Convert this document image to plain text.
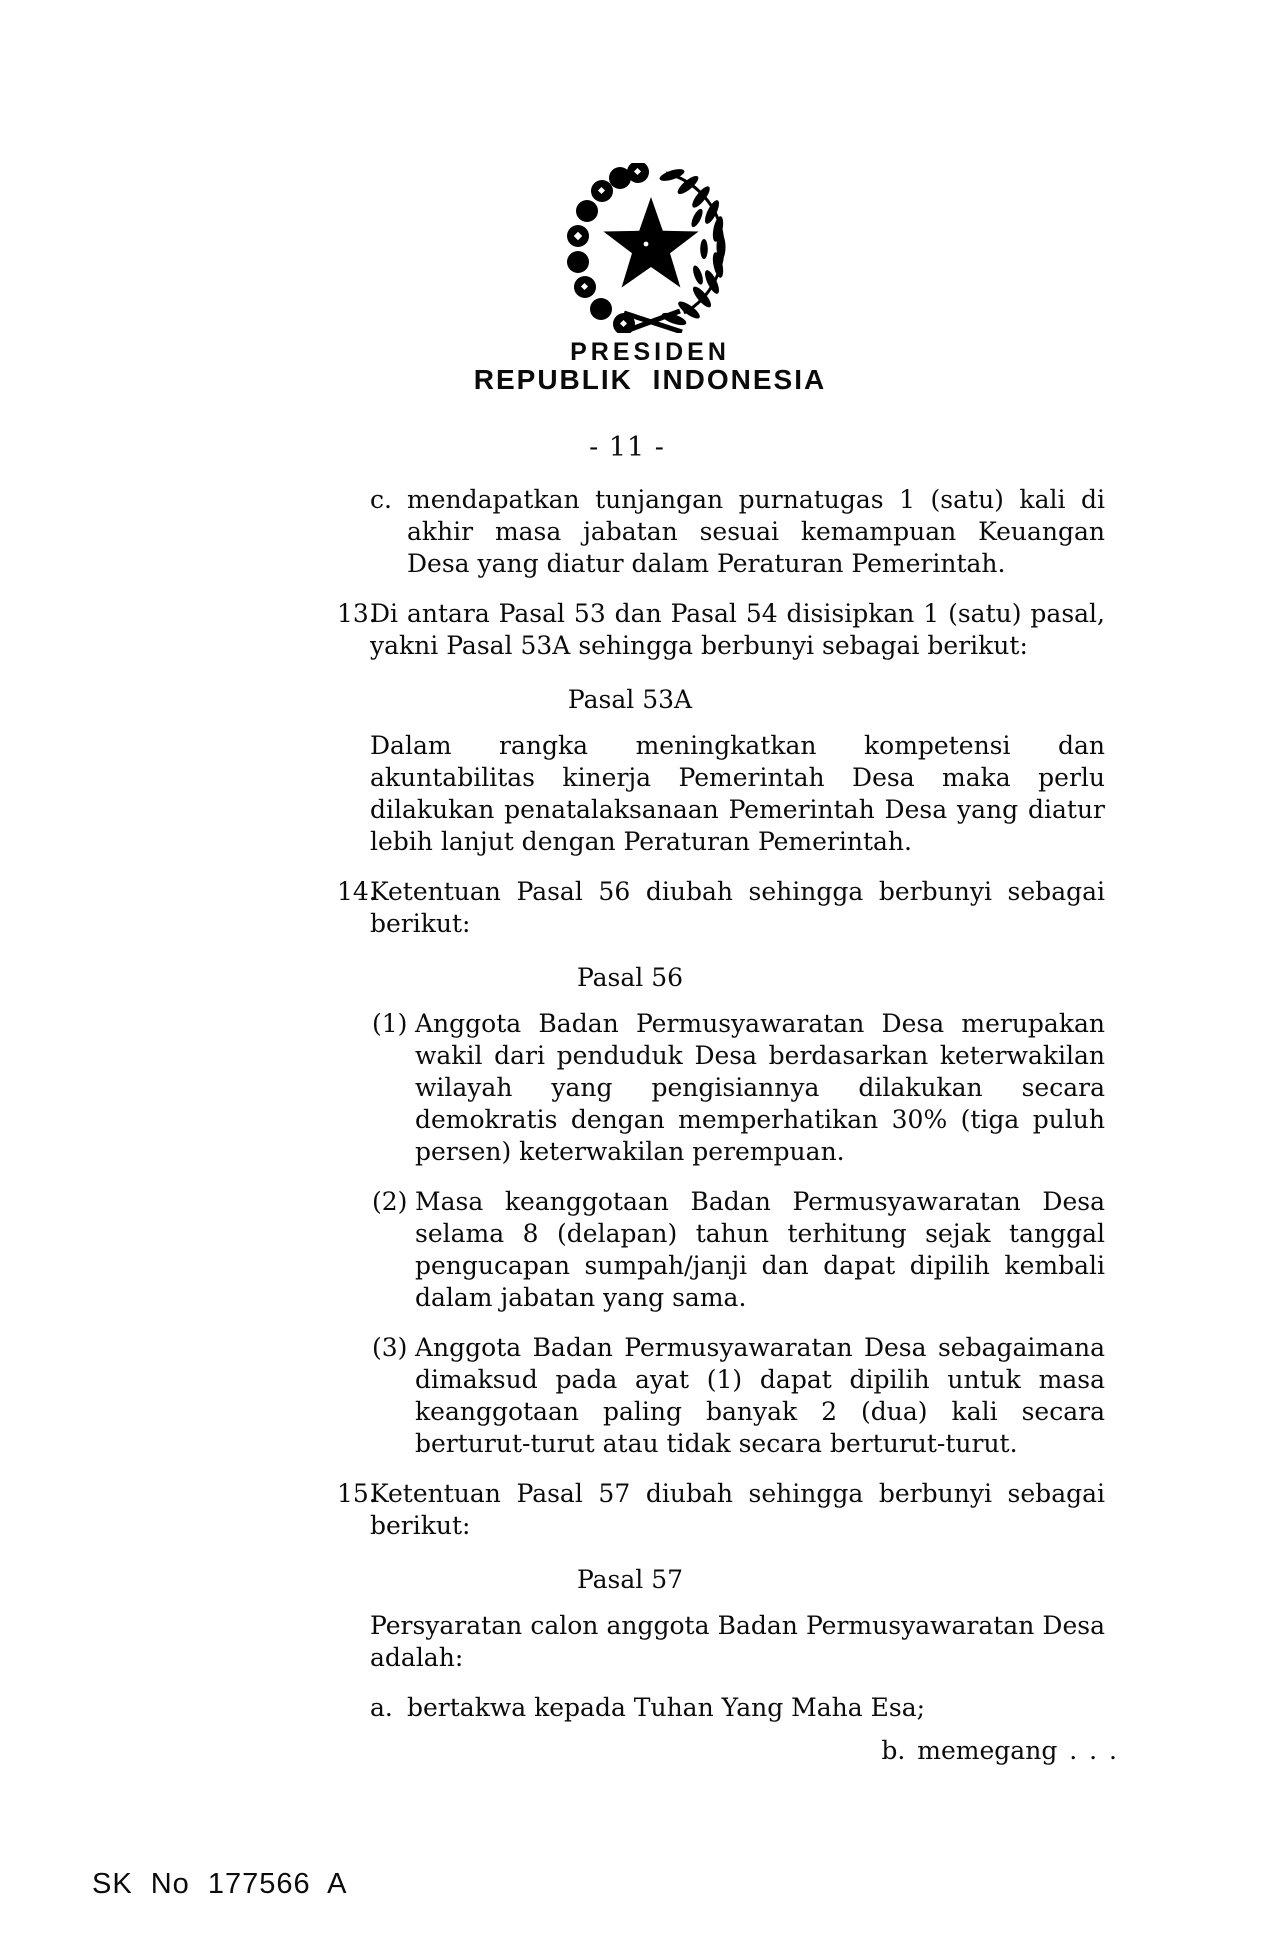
PRESIDEN
REPUBLIK INDONESIA
- 11 -
c. mendapatkan tunjangan purnatugas 1 (satu) kali di akhir masa jabatan sesuai kemampuan Keuangan Desa yang diatur dalam Peraturan Pemerintah.
13.
Di antara Pasal 53 dan Pasal 54 disisipkan 1 (satu) pasal, yakni Pasal 53A sehingga berbunyi sebagai berikut:
Pasal 53A
Dalam rangka meningkatkan kompetensi dan akuntabilitas kinerja Pemerintah Desa maka perlu dilakukan penatalaksanaan Pemerintah Desa yang diatur lebih lanjut dengan Peraturan Pemerintah.
14.
Ketentuan Pasal 56 diubah sehingga berbunyi sebagai berikut:
Pasal 56
(1) Anggota Badan Permusyawaratan Desa merupakan wakil dari penduduk Desa berdasarkan keterwakilan wilayah yang pengisiannya dilakukan secara demokratis dengan memperhatikan 30% (tiga puluh persen) keterwakilan perempuan.
(2) Masa keanggotaan Badan Permusyawaratan Desa selama 8 (delapan) tahun terhitung sejak tanggal pengucapan sumpah/janji dan dapat dipilih kembali dalam jabatan yang sama.
(3) Anggota Badan Permusyawaratan Desa sebagaimana dimaksud pada ayat (1) dapat dipilih untuk masa keanggotaan paling banyak 2 (dua) kali secara berturut-turut atau tidak secara berturut-turut.
15.
Ketentuan Pasal 57 diubah sehingga berbunyi sebagai berikut:
Pasal 57
Persyaratan calon anggota Badan Permusyawaratan Desa adalah:
a. bertakwa kepada Tuhan Yang Maha Esa;
b. memegang . . .
SK No 177566 A
